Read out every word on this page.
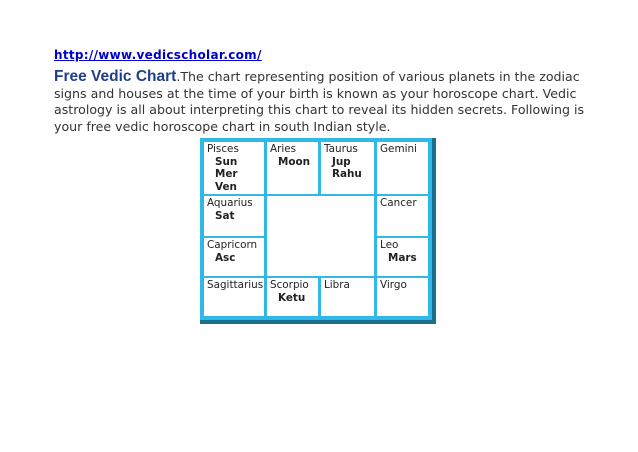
http://www.vedicscholar.com/
Free Vedic Chart.The chart representing position of various planets in the zodiac signs and houses at the time of your birth is known as your horoscope chart. Vedic astrology is all about interpreting this chart to reveal its hidden secrets. Following is your free vedic horoscope chart in south Indian style.
Pisces
Sun
Mer
Ven
Aries
Moon
Taurus
Jup
Rahu
Gemini
Aquarius
Sat
Cancer
Capricorn
Asc
Leo
Mars
Sagittarius Scorpio
Ketu
Libra	Virgo
